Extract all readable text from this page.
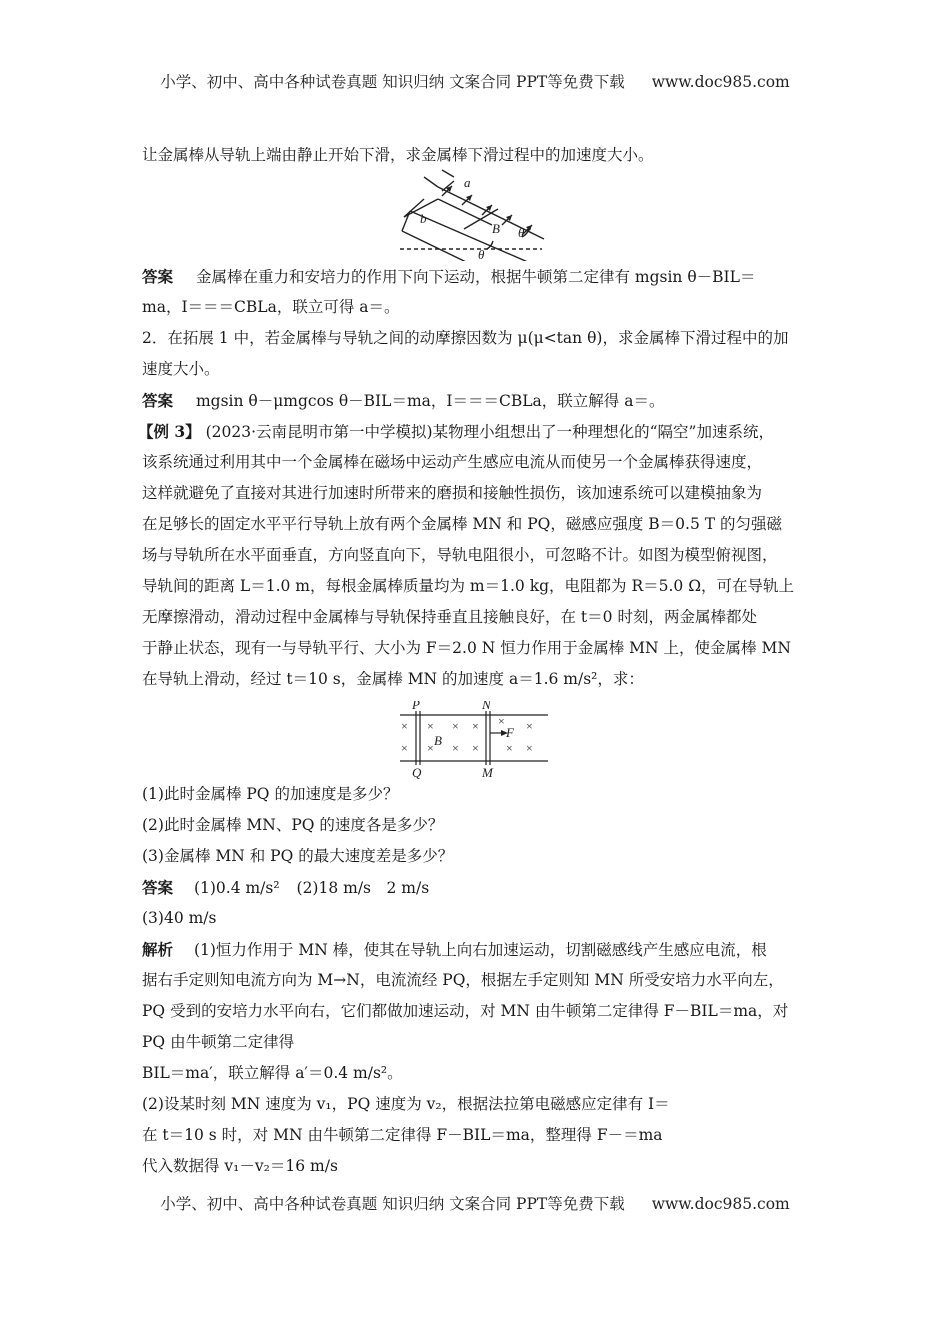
小学、初中、高中各种试卷真题 知识归纳 文案合同 PPT等免费下载 www.doc985.com
让金属棒从导轨上端由静止开始下滑，求金属棒下滑过程中的加速度大小。
a
b
B θ
θ
答案 金属棒在重力和安培力的作用下向下运动，根据牛顿第二定律有 mgsin θ－BIL＝
ma，I＝＝＝CBLa，联立可得 a＝。
2．在拓展 1 中，若金属棒与导轨之间的动摩擦因数为 μ(μ<tan θ)，求金属棒下滑过程中的加
速度大小。
答案 mgsin θ－μmgcos θ－BIL＝ma，I＝＝＝CBLa，联立解得 a＝。
【例 3】 (2023·云南昆明市第一中学模拟)某物理小组想出了一种理想化的“隔空”加速系统，
该系统通过利用其中一个金属棒在磁场中运动产生感应电流从而使另一个金属棒获得速度，
这样就避免了直接对其进行加速时所带来的磨损和接触性损伤，该加速系统可以建模抽象为
在足够长的固定水平平行导轨上放有两个金属棒 MN 和 PQ，磁感应强度 B＝0.5 T 的匀强磁
场与导轨所在水平面垂直，方向竖直向下，导轨电阻很小，可忽略不计。如图为模型俯视图，
导轨间的距离 L＝1.0 m，每根金属棒质量均为 m＝1.0 kg，电阻都为 R＝5.0 Ω，可在导轨上
无摩擦滑动，滑动过程中金属棒与导轨保持垂直且接触良好，在 t＝0 时刻，两金属棒都处
于静止状态，现有一与导轨平行、大小为 F＝2.0 N 恒力作用于金属棒 MN 上，使金属棒 MN
在导轨上滑动，经过 t＝10 s，金属棒 MN 的加速度 a＝1.6 m/s²，求：
×
×
×
×
×
×
×
×
×
×
×
×
P	N
Q	M
B
F
(1)此时金属棒 PQ 的加速度是多少？
(2)此时金属棒 MN、PQ 的速度各是多少？
(3)金属棒 MN 和 PQ 的最大速度差是多少？
答案 (1)0.4 m/s² (2)18 m/s　2 m/s
(3)40 m/s
解析 (1)恒力作用于 MN 棒，使其在导轨上向右加速运动，切割磁感线产生感应电流，根
据右手定则知电流方向为 M→N，电流流经 PQ，根据左手定则知 MN 所受安培力水平向左，
PQ 受到的安培力水平向右，它们都做加速运动，对 MN 由牛顿第二定律得 F－BIL＝ma，对
PQ 由牛顿第二定律得
BIL＝ma′，联立解得 a′＝0.4 m/s²。
(2)设某时刻 MN 速度为 v₁，PQ 速度为 v₂，根据法拉第电磁感应定律有 I＝
在 t＝10 s 时，对 MN 由牛顿第二定律得 F－BIL＝ma，整理得 F－＝ma
代入数据得 v₁－v₂＝16 m/s
小学、初中、高中各种试卷真题 知识归纳 文案合同 PPT等免费下载 www.doc985.com
